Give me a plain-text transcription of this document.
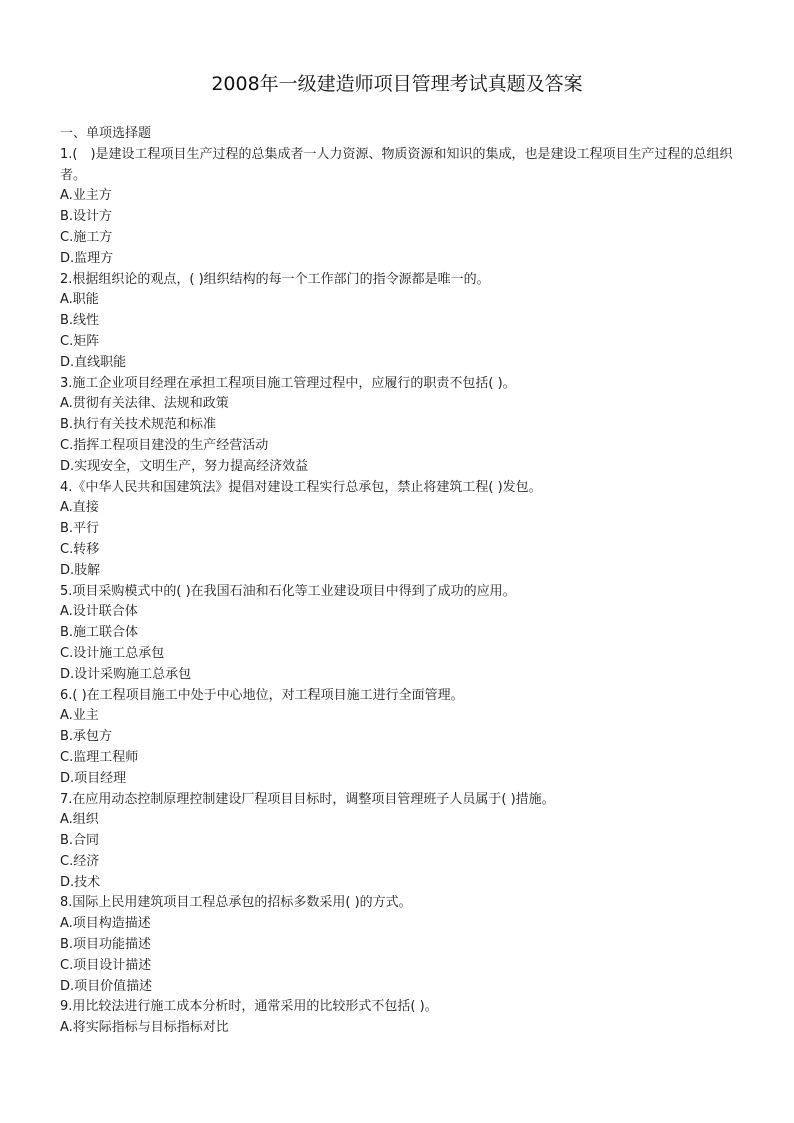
2008年一级建造师项目管理考试真题及答案
一、单项选择题
1.(　)是建设工程项目生产过程的总集成者一人力资源、物质资源和知识的集成，也是建设工程项目生产过程的总组织者。
A.业主方
B.设计方
C.施工方
D.监理方
2.根据组织论的观点，( )组织结构的每一个工作部门的指令源都是唯一的。
A.职能
B.线性
C.矩阵
D.直线职能
3.施工企业项目经理在承担工程项目施工管理过程中，应履行的职责不包括( )。
A.贯彻有关法律、法规和政策
B.执行有关技术规范和标准
C.指挥工程项目建没的生产经营活动
D.实现安全，文明生产，努力提高经济效益
4.《中华人民共和国建筑法》提倡对建设工程实行总承包，禁止将建筑工程( )发包。
A.直接
B.平行
C.转移
D.肢解
5.项目采购模式中的( )在我国石油和石化等工业建设项目中得到了成功的应用。
A.设计联合体
B.施工联合体
C.设计施工总承包
D.设计采购施工总承包
6.( )在工程项目施工中处于中心地位，对工程项目施工进行全面管理。
A.业主
B.承包方
C.监理工程师
D.项目经理
7.在应用动态控制原理控制建设厂程项目目标时，调整项目管理班子人员属于( )措施。
A.组织
B.合同
C.经济
D.技术
8.国际上民用建筑项目工程总承包的招标多数采用( )的方式。
A.项目构造描述
B.项目功能描述
C.项目设计描述
D.项目价值描述
9.用比较法进行施工成本分析时，通常采用的比较形式不包括( )。
A.将实际指标与目标指标对比
